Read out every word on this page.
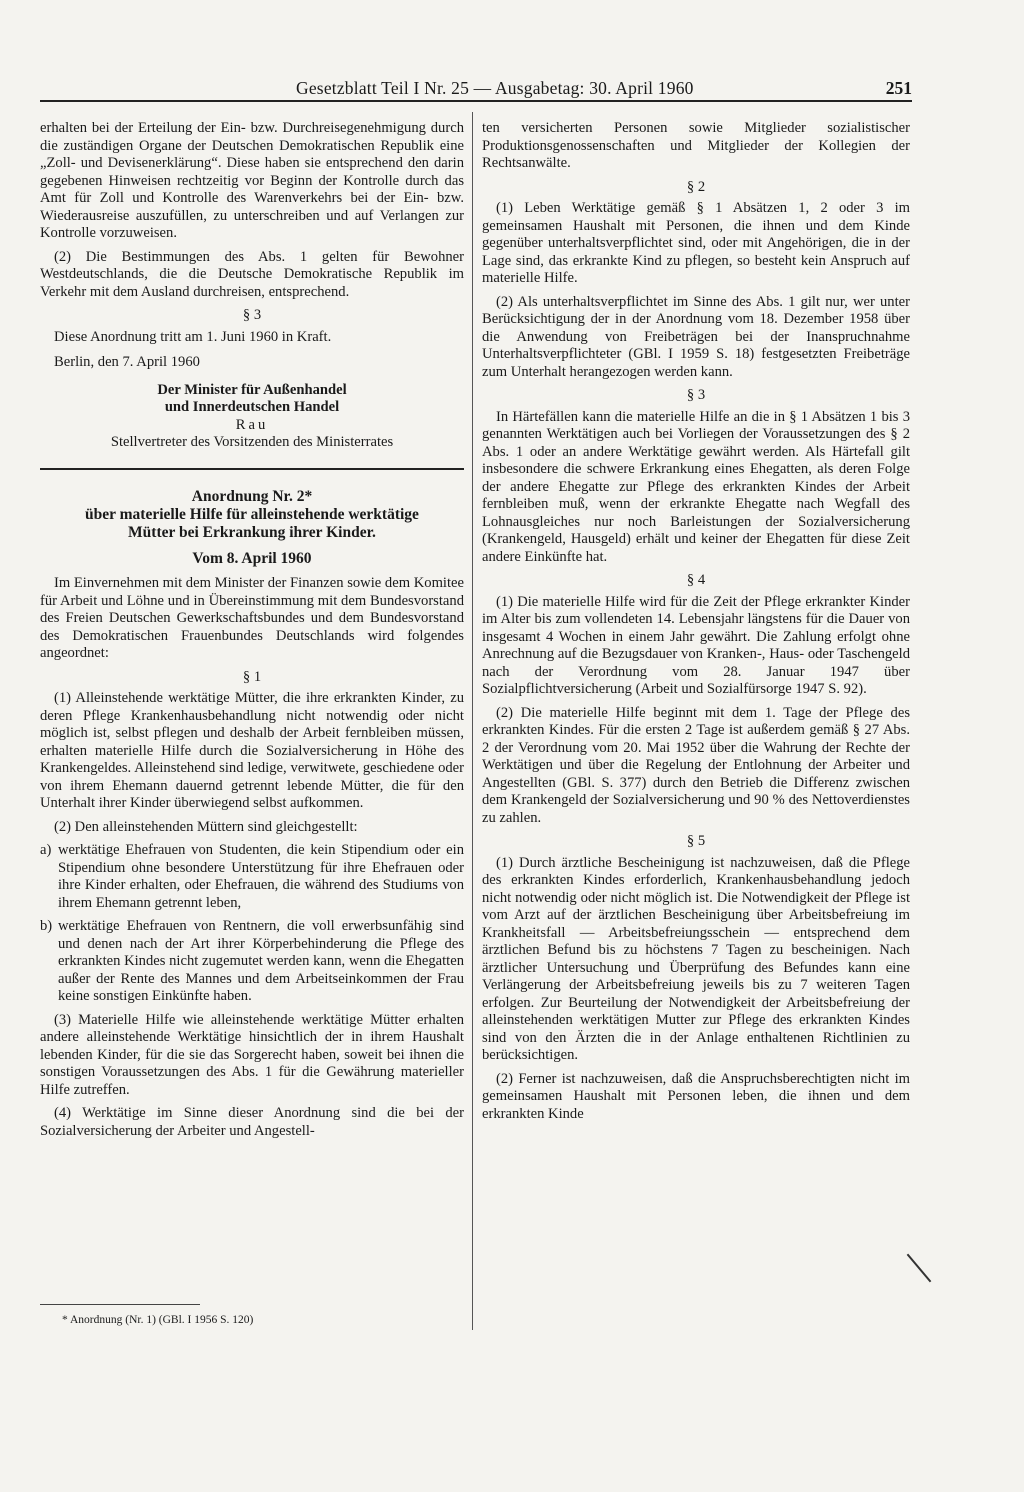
Gesetzblatt Teil I Nr. 25 — Ausgabetag: 30. April 1960	251

erhalten bei der Erteilung der Ein- bzw. Durchreisegenehmigung durch die zuständigen Organe der Deutschen Demokratischen Republik eine „Zoll- und Devisenerklärung“. Diese haben sie entsprechend den darin gegebenen Hinweisen rechtzeitig vor Beginn der Kontrolle durch das Amt für Zoll und Kontrolle des Warenverkehrs bei der Ein- bzw. Wiederausreise auszufüllen, zu unterschreiben und auf Verlangen zur Kontrolle vorzuweisen.

(2) Die Bestimmungen des Abs. 1 gelten für Bewohner Westdeutschlands, die die Deutsche Demokratische Republik im Verkehr mit dem Ausland durchreisen, entsprechend.

§ 3

Diese Anordnung tritt am 1. Juni 1960 in Kraft.

Berlin, den 7. April 1960
Der Minister für Außenhandel
und Innerdeutschen Handel
Rau
Stellvertreter des Vorsitzenden des Ministerrates
Anordnung Nr. 2*
über materielle Hilfe für alleinstehende werktätige
Mütter bei Erkrankung ihrer Kinder.
Vom 8. April 1960

Im Einvernehmen mit dem Minister der Finanzen sowie dem Komitee für Arbeit und Löhne und in Übereinstimmung mit dem Bundesvorstand des Freien Deutschen Gewerkschaftsbundes und dem Bundesvorstand des Demokratischen Frauenbundes Deutschlands wird folgendes angeordnet:

§ 1

(1) Alleinstehende werktätige Mütter, die ihre erkrankten Kinder, zu deren Pflege Krankenhausbehandlung nicht notwendig oder nicht möglich ist, selbst pflegen und deshalb der Arbeit fernbleiben müssen, erhalten materielle Hilfe durch die Sozialversicherung in Höhe des Krankengeldes. Alleinstehend sind ledige, verwitwete, geschiedene oder von ihrem Ehemann dauernd getrennt lebende Mütter, die für den Unterhalt ihrer Kinder überwiegend selbst aufkommen.

(2) Den alleinstehenden Müttern sind gleichgestellt:

a) werktätige Ehefrauen von Studenten, die kein Stipendium oder ein Stipendium ohne besondere Unterstützung für ihre Ehefrauen oder ihre Kinder erhalten, oder Ehefrauen, die während des Studiums von ihrem Ehemann getrennt leben,
b) werktätige Ehefrauen von Rentnern, die voll erwerbsunfähig sind und denen nach der Art ihrer Körperbehinderung die Pflege des erkrankten Kindes nicht zugemutet werden kann, wenn die Ehegatten außer der Rente des Mannes und dem Arbeitseinkommen der Frau keine sonstigen Einkünfte haben.

(3) Materielle Hilfe wie alleinstehende werktätige Mütter erhalten andere alleinstehende Werktätige hinsichtlich der in ihrem Haushalt lebenden Kinder, für die sie das Sorgerecht haben, soweit bei ihnen die sonstigen Voraussetzungen des Abs. 1 für die Gewährung materieller Hilfe zutreffen.

(4) Werktätige im Sinne dieser Anordnung sind die bei der Sozialversicherung der Arbeiter und Angestell-

* Anordnung (Nr. 1) (GBl. I 1956 S. 120)

ten versicherten Personen sowie Mitglieder sozialistischer Produktionsgenossenschaften und Mitglieder der Kollegien der Rechtsanwälte.

§ 2

(1) Leben Werktätige gemäß § 1 Absätzen 1, 2 oder 3 im gemeinsamen Haushalt mit Personen, die ihnen und dem Kinde gegenüber unterhaltsverpflichtet sind, oder mit Angehörigen, die in der Lage sind, das erkrankte Kind zu pflegen, so besteht kein Anspruch auf materielle Hilfe.

(2) Als unterhaltsverpflichtet im Sinne des Abs. 1 gilt nur, wer unter Berücksichtigung der in der Anordnung vom 18. Dezember 1958 über die Anwendung von Freibeträgen bei der Inanspruchnahme Unterhaltsverpflichteter (GBl. I 1959 S. 18) festgesetzten Freibeträge zum Unterhalt herangezogen werden kann.

§ 3

In Härtefällen kann die materielle Hilfe an die in § 1 Absätzen 1 bis 3 genannten Werktätigen auch bei Vorliegen der Voraussetzungen des § 2 Abs. 1 oder an andere Werktätige gewährt werden. Als Härtefall gilt insbesondere die schwere Erkrankung eines Ehegatten, als deren Folge der andere Ehegatte zur Pflege des erkrankten Kindes der Arbeit fernbleiben muß, wenn der erkrankte Ehegatte nach Wegfall des Lohnausgleiches nur noch Barleistungen der Sozialversicherung (Krankengeld, Hausgeld) erhält und keiner der Ehegatten für diese Zeit andere Einkünfte hat.

§ 4

(1) Die materielle Hilfe wird für die Zeit der Pflege erkrankter Kinder im Alter bis zum vollendeten 14. Lebensjahr längstens für die Dauer von insgesamt 4 Wochen in einem Jahr gewährt. Die Zahlung erfolgt ohne Anrechnung auf die Bezugsdauer von Kranken-, Haus- oder Taschengeld nach der Verordnung vom 28. Januar 1947 über Sozialpflichtversicherung (Arbeit und Sozialfürsorge 1947 S. 92).

(2) Die materielle Hilfe beginnt mit dem 1. Tage der Pflege des erkrankten Kindes. Für die ersten 2 Tage ist außerdem gemäß § 27 Abs. 2 der Verordnung vom 20. Mai 1952 über die Wahrung der Rechte der Werktätigen und über die Regelung der Entlohnung der Arbeiter und Angestellten (GBl. S. 377) durch den Betrieb die Differenz zwischen dem Krankengeld der Sozialversicherung und 90 % des Nettoverdienstes zu zahlen.

§ 5

(1) Durch ärztliche Bescheinigung ist nachzuweisen, daß die Pflege des erkrankten Kindes erforderlich, Krankenhausbehandlung jedoch nicht notwendig oder nicht möglich ist. Die Notwendigkeit der Pflege ist vom Arzt auf der ärztlichen Bescheinigung über Arbeitsbefreiung im Krankheitsfall — Arbeitsbefreiungsschein — entsprechend dem ärztlichen Befund bis zu höchstens 7 Tagen zu bescheinigen. Nach ärztlicher Untersuchung und Überprüfung des Befundes kann eine Verlängerung der Arbeitsbefreiung jeweils bis zu 7 weiteren Tagen erfolgen. Zur Beurteilung der Notwendigkeit der Arbeitsbefreiung der alleinstehenden werktätigen Mutter zur Pflege des erkrankten Kindes sind von den Ärzten die in der Anlage enthaltenen Richtlinien zu berücksichtigen.

(2) Ferner ist nachzuweisen, daß die Anspruchsberechtigten nicht im gemeinsamen Haushalt mit Personen leben, die ihnen und dem erkrankten Kinde
